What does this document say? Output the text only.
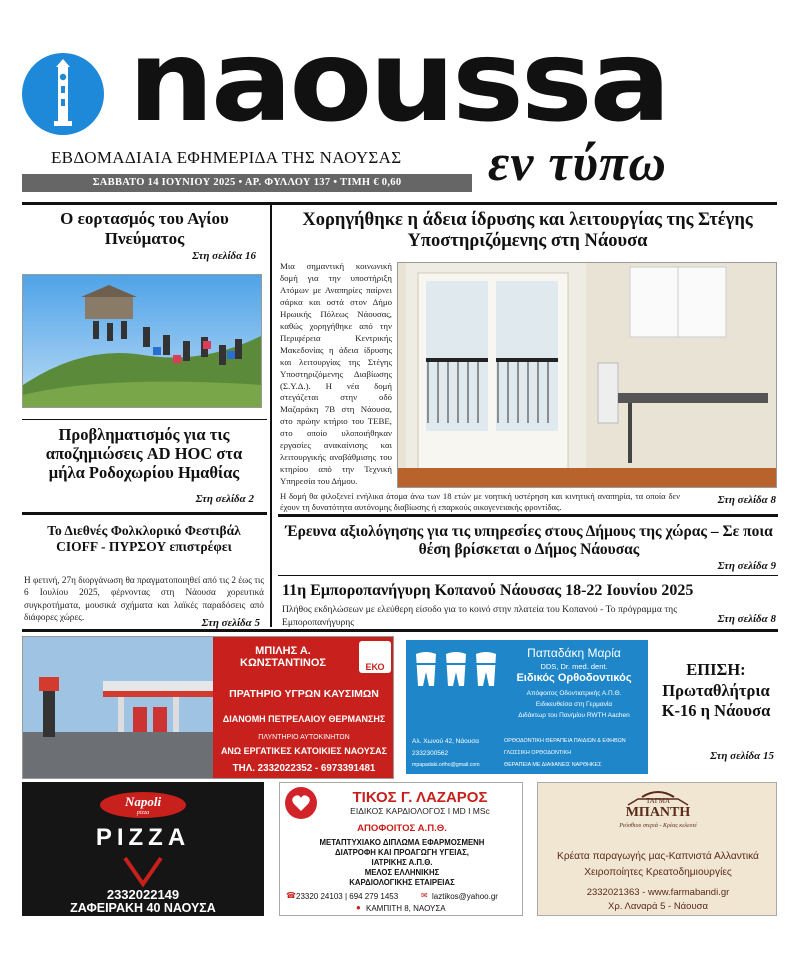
naoussa
ΕΒΔΟΜΑΔΙΑΙΑ ΕΦΗΜΕΡΙΔΑ ΤΗΣ ΝΑΟΥΣΑΣ εν τύπω
ΣΑΒΒΑΤΟ 14 ΙΟΥΝΙΟΥ 2025 • ΑΡ. ΦΥΛΛΟΥ 137 • ΤΙΜΗ € 0,60
Ο εορτασμός του Αγίου Πνεύματος
Στη σελίδα 16
Προβληματισμός για τις αποζημιώσεις AD HOC στα μήλα Ροδοχωρίου Ημαθίας
Στη σελίδα 2
Το Διεθνές Φολκλορικό Φεστιβάλ CIOFF - ΠΥΡΣΟΥ επιστρέφει
Η φετινή, 27η διοργάνωση θα πραγματοποιηθεί από τις 2 έως τις 6 Ιουλίου 2025, φέρνοντας στη Νάουσα χορευτικά συγκροτήματα, μουσικά σχήματα και λαϊκές παραδόσεις από διάφορες χώρες.	Στη σελίδα 5
Χορηγήθηκε η άδεια ίδρυσης και λειτουργίας της Στέγης Υποστηριζόμενης στη Νάουσα
Μια σημαντική κοινωνική δομή για την υποστήριξη Ατόμων με Αναπηρίες παίρνει σάρκα και οστά στον Δήμο Ηρωικής Πόλεως Νάουσας, καθώς χορηγήθηκε από την Περιφέρεια Κεντρικής Μακεδονίας η άδεια ίδρυσης και λειτουργίας της Στέγης Υποστηριζόμενης Διαβίωσης (Σ.Υ.Δ.). Η νέα δομή στεγάζεται στην οδό Μαζαράκη 7Β στη Νάουσα, στο πρώην κτήριο του ΤΕΒΕ, στο οποίο υλοποιήθηκαν εργασίες ανακαίνισης και λειτουργικής αναβάθμισης του κτηρίου από την Τεχνική Υπηρεσία του Δήμου.
Η δομή θα φιλοξενεί ενήλικα άτομα άνω των 18 ετών με νοητική υστέρηση και κινητική αναπηρία, τα οποία δεν έχουν τη δυνατότητα αυτόνομης διαβίωσης ή επαρκούς οικογενειακής φροντίδας.
Στη σελίδα 8
Έρευνα αξιολόγησης για τις υπηρεσίες στους Δήμους της χώρας – Σε ποια θέση βρίσκεται ο Δήμος Νάουσας
Στη σελίδα 9
11η Εμποροπανήγυρη Κοπανού Νάουσας 18-22 Ιουνίου 2025
Πλήθος εκδηλώσεων με ελεύθερη είσοδο για το κοινό στην πλατεία του Κοπανού - Το πρόγραμμα της Εμποροπανήγυρης	Στη σελίδα 8
ΜΠΙΛΗΣ Α. ΚΩΝΣΤΑΝΤΙΝΟΣ	ΕΚΟ
ΠΡΑΤΗΡΙΟ ΥΓΡΩΝ ΚΑΥΣΙΜΩΝ
ΔΙΑΝΟΜΗ ΠΕΤΡΕΛΑΙΟΥ ΘΕΡΜΑΝΣΗΣ
ΠΛΥΝΤΗΡΙΟ ΑΥΤΟΚΙΝΗΤΩΝ
ΑΝΩ ΕΡΓΑΤΙΚΕΣ ΚΑΤΟΙΚΙΕΣ ΝΑΟΥΣΑΣ
ΤΗΛ. 2332022352 - 6973391481
Παπαδάκη Μαρία
DDS, Dr. med. dent.
Ειδικός Ορθοδοντικός
Απόφοιτος Οδοντιατρικής Α.Π.Θ.
Ειδικευθείσα στη Γερμανία
Διδάκτωρ του Παν/μίου RWTH Aachen
Αλ. Χωνού 42, Νάουσα
2332300562
mpapadaki.ortho@gmail.com
ΟΡΘΟΔΟΝΤΙΚΗ ΘΕΡΑΠΕΙΑ ΠΑΙΔΙΩΝ & ΕΦΗΒΩΝ
ΓΛΩΣΣΙΚΗ ΟΡΘΟΔΟΝΤΙΚΗ
ΘΕΡΑΠΕΙΑ ΜΕ ΔΙΑΦΑΝΕΙΣ ΝΑΡΘΗΚΕΣ
ΕΠΙΣΗ: Πρωταθλήτρια Κ-16 η Νάουσα
Στη σελίδα 15
Napoli
pizza
PIZZA
2332022149
ΖΑΦΕΙΡΑΚΗ 40 ΝΑΟΥΣΑ
ΤΙΚΟΣ Γ. ΛΑΖΑΡΟΣ
ΕΙΔΙΚΟΣ ΚΑΡΔΙΟΛΟΓΟΣ I MD I MSc
ΑΠΟΦΟΙΤΟΣ Α.Π.Θ.
ΜΕΤΑΠΤΥΧΙΑΚΟ ΔΙΠΛΩΜΑ ΕΦΑΡΜΟΣΜΕΝΗ
ΔΙΑΤΡΟΦΗ ΚΑΙ ΠΡΟΑΓΩΓΗ ΥΓΕΙΑΣ,
ΙΑΤΡΙΚΗΣ Α.Π.Θ.
ΜΕΛΟΣ ΕΛΛΗΝΙΚΗΣ
ΚΑΡΔΙΟΛΟΓΙΚΗΣ ΕΤΑΙΡΕΙΑΣ
☎ 23320 24103 | 694 279 1453	✉ laztikos@yahoo.gr
● ΚΑΜΠΙΤΗ 8, ΝΑΟΥΣΑ
ΤΑΓΜΑ
ΜΠΑΝΤΗ
Ρεύσθιου στεριά - Κρέας κελευτέ
Κρέατα παραγωγής μας-Καπνιστά Αλλαντικά
Χειροποίητες Κρεατοδημιουργίες
2332021363 - www.farmabandi.gr
Χρ. Λαναρά 5 - Νάουσα
